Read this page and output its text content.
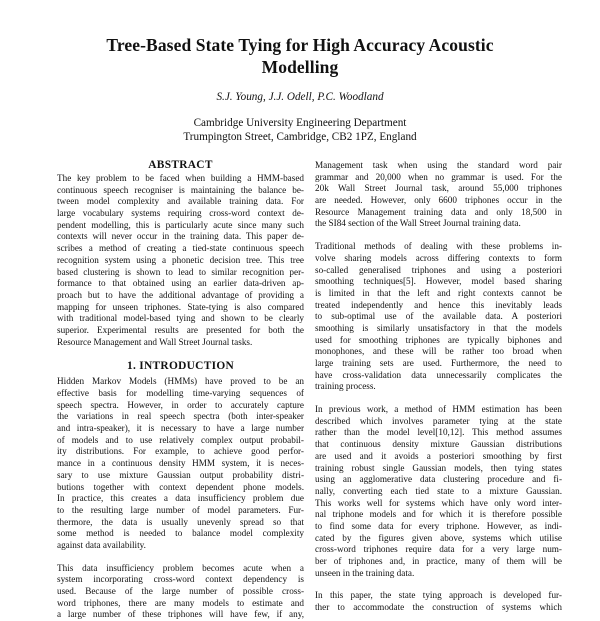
Tree-Based State Tying for High Accuracy Acoustic
Modelling
S.J. Young, J.J. Odell, P.C. Woodland
Cambridge University Engineering Department
Trumpington Street, Cambridge, CB2 1PZ, England
ABSTRACT
The key problem to be faced when building a HMM-based
continuous speech recogniser is maintaining the balance be-
tween model complexity and available training data. For
large vocabulary systems requiring cross-word context de-
pendent modelling, this is particularly acute since many such
contexts will never occur in the training data. This paper de-
scribes a method of creating a tied-state continuous speech
recognition system using a phonetic decision tree. This tree
based clustering is shown to lead to similar recognition per-
formance to that obtained using an earlier data-driven ap-
proach but to have the additional advantage of providing a
mapping for unseen triphones. State-tying is also compared
with traditional model-based tying and shown to be clearly
superior. Experimental results are presented for both the
Resource Management and Wall Street Journal tasks.
1. INTRODUCTION
Hidden Markov Models (HMMs) have proved to be an
effective basis for modelling time-varying sequences of
speech spectra. However, in order to accurately capture
the variations in real speech spectra (both inter-speaker
and intra-speaker), it is necessary to have a large number
of models and to use relatively complex output probabil-
ity distributions. For example, to achieve good perfor-
mance in a continuous density HMM system, it is neces-
sary to use mixture Gaussian output probability distri-
butions together with context dependent phone models.
In practice, this creates a data insufficiency problem due
to the resulting large number of model parameters. Fur-
thermore, the data is usually unevenly spread so that
some method is needed to balance model complexity
against data availability.
This data insufficiency problem becomes acute when a
system incorporating cross-word context dependency is
used. Because of the large number of possible cross-
word triphones, there are many models to estimate and
a large number of these triphones will have few, if any,
Management task when using the standard word pair
grammar and 20,000 when no grammar is used. For the
20k Wall Street Journal task, around 55,000 triphones
are needed. However, only 6600 triphones occur in the
Resource Management training data and only 18,500 in
the SI84 section of the Wall Street Journal training data.
Traditional methods of dealing with these problems in-
volve sharing models across differing contexts to form
so-called generalised triphones and using a posteriori
smoothing techniques[5]. However, model based sharing
is limited in that the left and right contexts cannot be
treated independently and hence this inevitably leads
to sub-optimal use of the available data. A posteriori
smoothing is similarly unsatisfactory in that the models
used for smoothing triphones are typically biphones and
monophones, and these will be rather too broad when
large training sets are used. Furthermore, the need to
have cross-validation data unnecessarily complicates the
training process.
In previous work, a method of HMM estimation has been
described which involves parameter tying at the state
rather than the model level[10,12]. This method assumes
that continuous density mixture Gaussian distributions
are used and it avoids a posteriori smoothing by first
training robust single Gaussian models, then tying states
using an agglomerative data clustering procedure and fi-
nally, converting each tied state to a mixture Gaussian.
This works well for systems which have only word inter-
nal triphone models and for which it is therefore possible
to find some data for every triphone. However, as indi-
cated by the figures given above, systems which utilise
cross-word triphones require data for a very large num-
ber of triphones and, in practice, many of them will be
unseen in the training data.
In this paper, the state tying approach is developed fur-
ther to accommodate the construction of systems which
